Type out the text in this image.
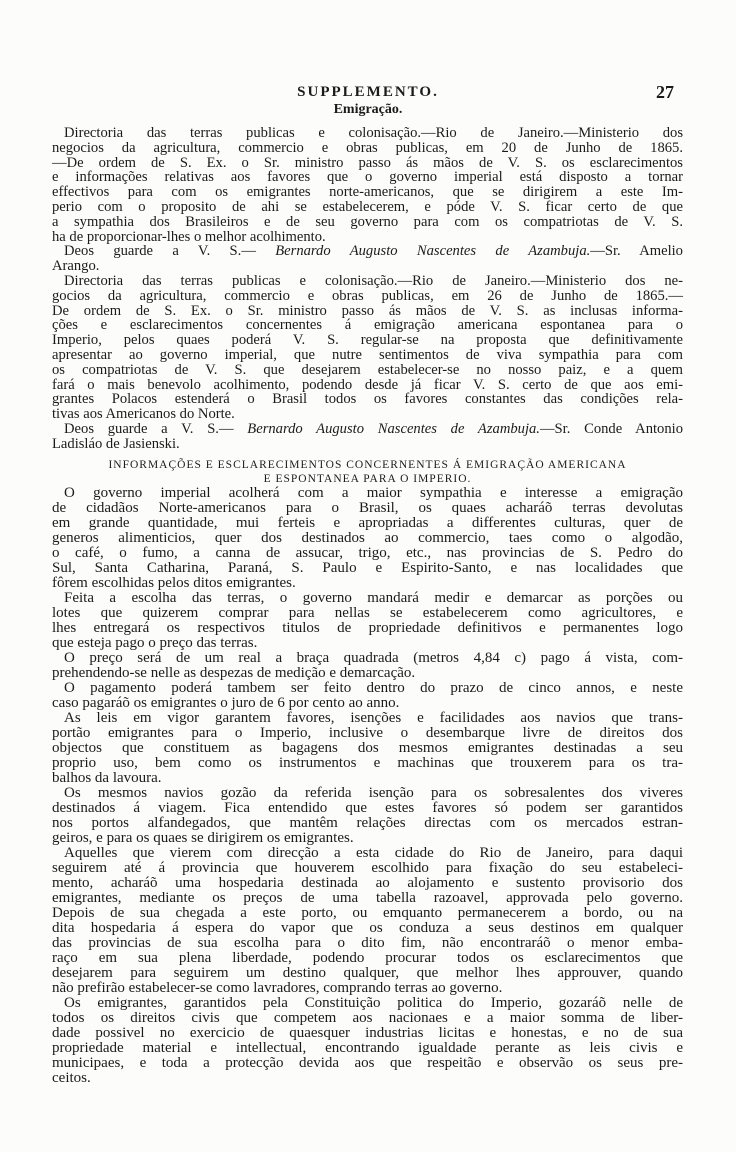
SUPPLEMENTO.	27
Emigração.
Directoria das terras publicas e colonisação.—Rio de Janeiro.—Ministerio dos
negocios da agricultura, commercio e obras publicas, em 20 de Junho de 1865.
—De ordem de S. Ex. o Sr. ministro passo ás mãos de V. S. os esclarecimentos
e informações relativas aos favores que o governo imperial está disposto a tornar
effectivos para com os emigrantes norte-americanos, que se dirigirem a este Im-
perio com o proposito de ahi se estabelecerem, e póde V. S. ficar certo de que
a sympathia dos Brasileiros e de seu governo para com os compatriotas de V. S.
ha de proporcionar-lhes o melhor acolhimento.
Deos guarde a V. S.— Bernardo Augusto Nascentes de Azambuja.—Sr. Amelio
Arango.
Directoria das terras publicas e colonisação.—Rio de Janeiro.—Ministerio dos ne-
gocios da agricultura, commercio e obras publicas, em 26 de Junho de 1865.—
De ordem de S. Ex. o Sr. ministro passo ás mãos de V. S. as inclusas informa-
ções e esclarecimentos concernentes á emigração americana espontanea para o
Imperio, pelos quaes poderá V. S. regular-se na proposta que definitivamente
apresentar ao governo imperial, que nutre sentimentos de viva sympathia para com
os compatriotas de V. S. que desejarem estabelecer-se no nosso paiz, e a quem
fará o mais benevolo acolhimento, podendo desde já ficar V. S. certo de que aos emi-
grantes Polacos estenderá o Brasil todos os favores constantes das condições rela-
tivas aos Americanos do Norte.
Deos guarde a V. S.— Bernardo Augusto Nascentes de Azambuja.—Sr. Conde Antonio
Ladisláo de Jasienski.
INFORMAÇÕES E ESCLARECIMENTOS CONCERNENTES Á EMIGRAÇÃO AMERICANA
E ESPONTANEA PARA O IMPERIO.
O governo imperial acolherá com a maior sympathia e interesse a emigração
de cidadãos Norte-americanos para o Brasil, os quaes acharáõ terras devolutas
em grande quantidade, mui ferteis e apropriadas a differentes culturas, quer de
generos alimenticios, quer dos destinados ao commercio, taes como o algodão,
o café, o fumo, a canna de assucar, trigo, etc., nas provincias de S. Pedro do
Sul, Santa Catharina, Paraná, S. Paulo e Espirito-Santo, e nas localidades que
fôrem escolhidas pelos ditos emigrantes.
Feita a escolha das terras, o governo mandará medir e demarcar as porções ou
lotes que quizerem comprar para nellas se estabelecerem como agricultores, e
lhes entregará os respectivos titulos de propriedade definitivos e permanentes logo
que esteja pago o preço das terras.
O preço será de um real a braça quadrada (metros 4,84 c) pago á vista, com-
prehendendo-se nelle as despezas de medição e demarcação.
O pagamento poderá tambem ser feito dentro do prazo de cinco annos, e neste
caso pagaráõ os emigrantes o juro de 6 por cento ao anno.
As leis em vigor garantem favores, isenções e facilidades aos navios que trans-
portão emigrantes para o Imperio, inclusive o desembarque livre de direitos dos
objectos que constituem as bagagens dos mesmos emigrantes destinadas a seu
proprio uso, bem como os instrumentos e machinas que trouxerem para os tra-
balhos da lavoura.
Os mesmos navios gozão da referida isenção para os sobresalentes dos viveres
destinados á viagem. Fica entendido que estes favores só podem ser garantidos
nos portos alfandegados, que mantêm relações directas com os mercados estran-
geiros, e para os quaes se dirigirem os emigrantes.
Aquelles que vierem com direcção a esta cidade do Rio de Janeiro, para daqui
seguirem até á provincia que houverem escolhido para fixação do seu estabeleci-
mento, acharáõ uma hospedaria destinada ao alojamento e sustento provisorio dos
emigrantes, mediante os preços de uma tabella razoavel, approvada pelo governo.
Depois de sua chegada a este porto, ou emquanto permanecerem a bordo, ou na
dita hospedaria á espera do vapor que os conduza a seus destinos em qualquer
das provincias de sua escolha para o dito fim, não encontraráõ o menor emba-
raço em sua plena liberdade, podendo procurar todos os esclarecimentos que
desejarem para seguirem um destino qualquer, que melhor lhes approuver, quando
não prefirão estabelecer-se como lavradores, comprando terras ao governo.
Os emigrantes, garantidos pela Constituição politica do Imperio, gozaráõ nelle de
todos os direitos civis que competem aos nacionaes e a maior somma de liber-
dade possivel no exercicio de quaesquer industrias licitas e honestas, e no de sua
propriedade material e intellectual, encontrando igualdade perante as leis civis e
municipaes, e toda a protecção devida aos que respeitão e observão os seus pre-
ceitos.
